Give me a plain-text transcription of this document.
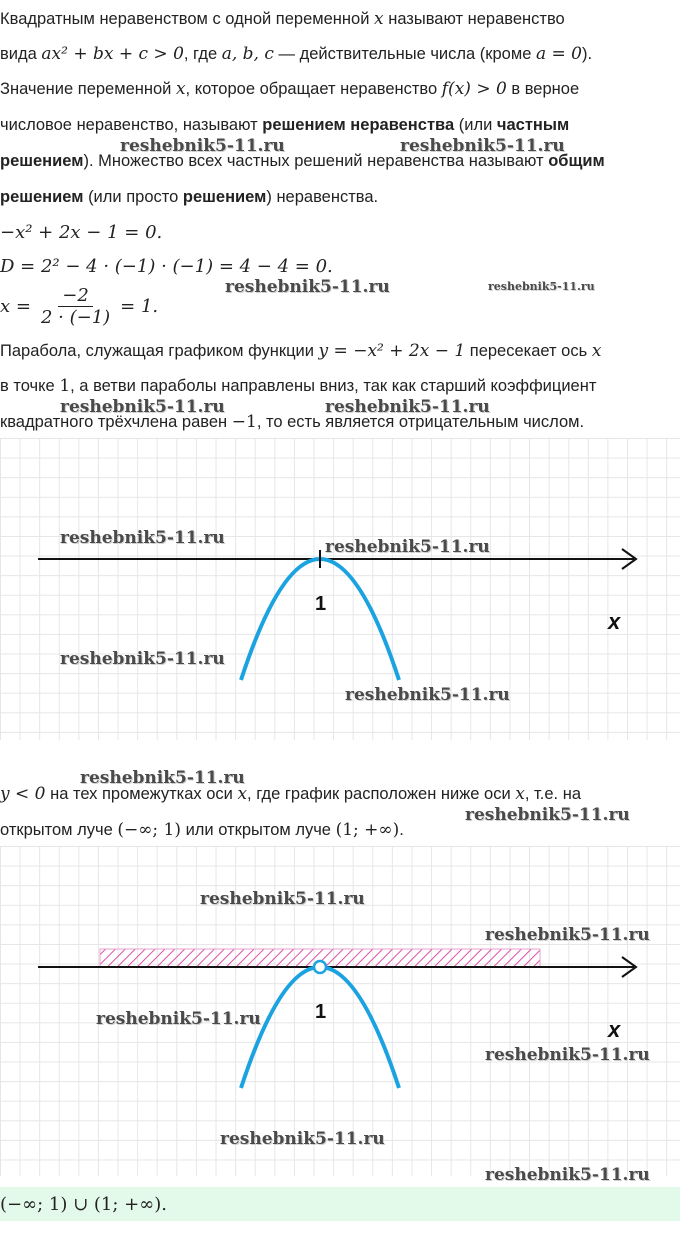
Квадратным неравенством с одной переменной x называют неравенство
вида ax² + bx + c > 0, где a, b, c — действительные числа (кроме a = 0).
Значение переменной x, которое обращает неравенство f(x) > 0 в верное
числовое неравенство, называют решением неравенства (или частным
решением). Множество всех частных решений неравенства называют общим
решением (или просто решением) неравенства.
−x² + 2x − 1 = 0.
D = 2² − 4 · (−1) · (−1) = 4 − 4 = 0.
$x = \frac{-2}{2 \cdot (-1)} = 1$.
Парабола, служащая графиком функции y = −x² + 2x − 1 пересекает ось x
в точке 1, а ветви параболы направлены вниз, так как старший коэффициент
квадратного трёхчлена равен −1, то есть является отрицательным числом.
1
x
y < 0 на тех промежутках оси x, где график расположен ниже оси x, т.е. на
открытом луче (−∞; 1) или открытом луче (1; +∞).
1
x
(−∞; 1) ∪ (1; +∞).
reshebnik5-11.ru	reshebnik5-11.ru
reshebnik5-11.ru	reshebnik5-11.ru
reshebnik5-11.ru	reshebnik5-11.ru
reshebnik5-11.ru	reshebnik5-11.ru
reshebnik5-11.ru
reshebnik5-11.ru
reshebnik5-11.ru
reshebnik5-11.ru
reshebnik5-11.ru
reshebnik5-11.ru
reshebnik5-11.ru
reshebnik5-11.ru
reshebnik5-11.ru
reshebnik5-11.ru
